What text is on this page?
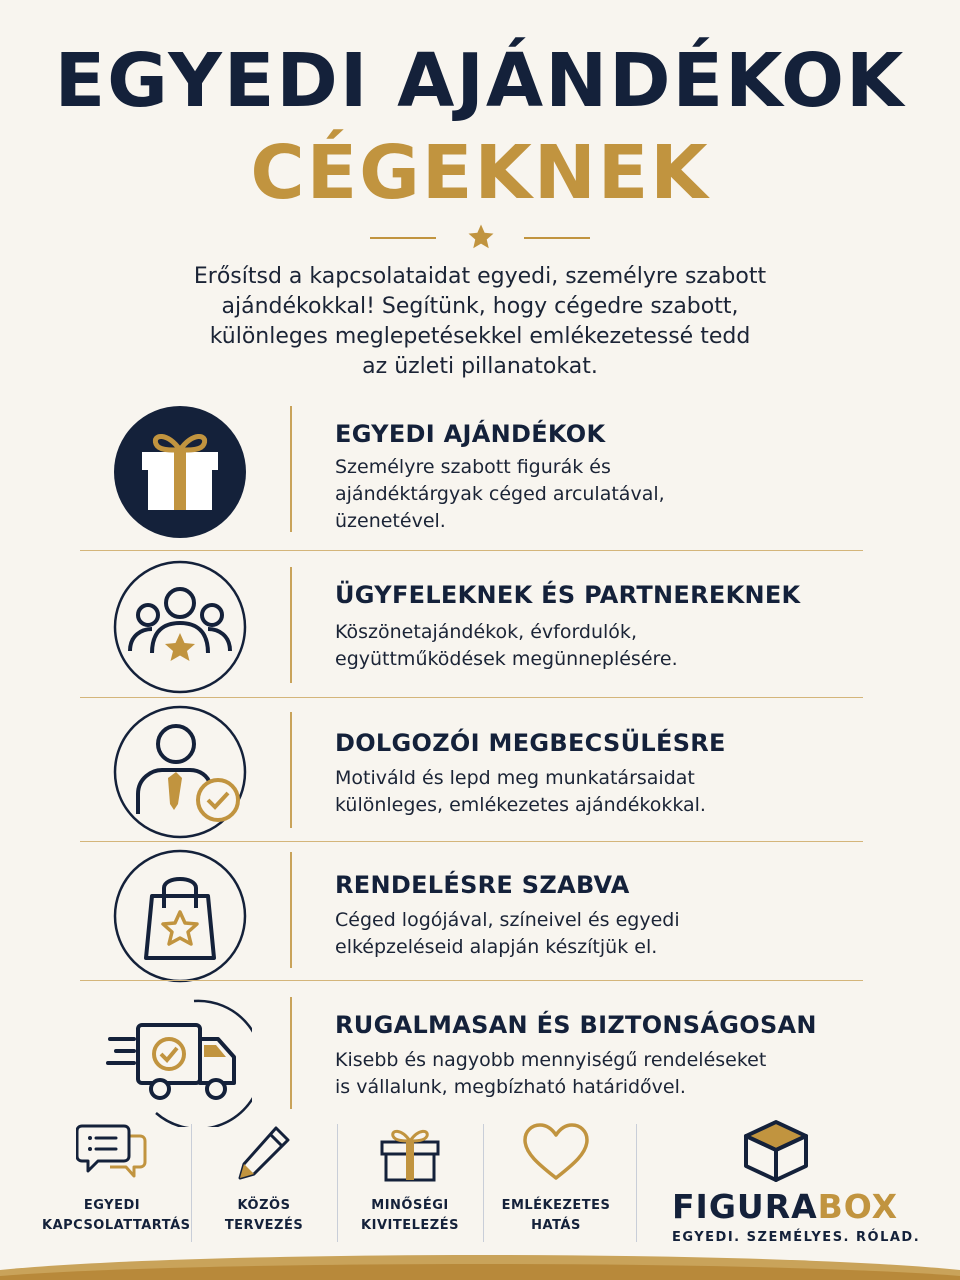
EGYEDI AJÁNDÉKOK
CÉGEKNEK
Erősítsd a kapcsolataidat egyedi, személyre szabott
ajándékokkal! Segítünk, hogy cégedre szabott,
különleges meglepetésekkel emlékezetessé tedd
az üzleti pillanatokat.
EGYEDI AJÁNDÉKOK
Személyre szabott figurák és
ajándéktárgyak céged arculatával,
üzenetével.
ÜGYFELEKNEK ÉS PARTNEREKNEK
Köszönetajándékok, évfordulók,
együttműködések megünneplésére.
DOLGOZÓI MEGBECSÜLÉSRE
Motiváld és lepd meg munkatársaidat
különleges, emlékezetes ajándékokkal.
RENDELÉSRE SZABVA
Céged logójával, színeivel és egyedi
elképzeléseid alapján készítjük el.
RUGALMASAN ÉS BIZTONSÁGOSAN
Kisebb és nagyobb mennyiségű rendeléseket
is vállalunk, megbízható határidővel.
EGYEDI
KAPCSOLATTARTÁS
KÖZÖS
TERVEZÉS
MINŐSÉGI
KIVITELEZÉS
EMLÉKEZETES
HATÁS	FIGURABOX
EGYEDI. SZEMÉLYES. RÓLAD.
